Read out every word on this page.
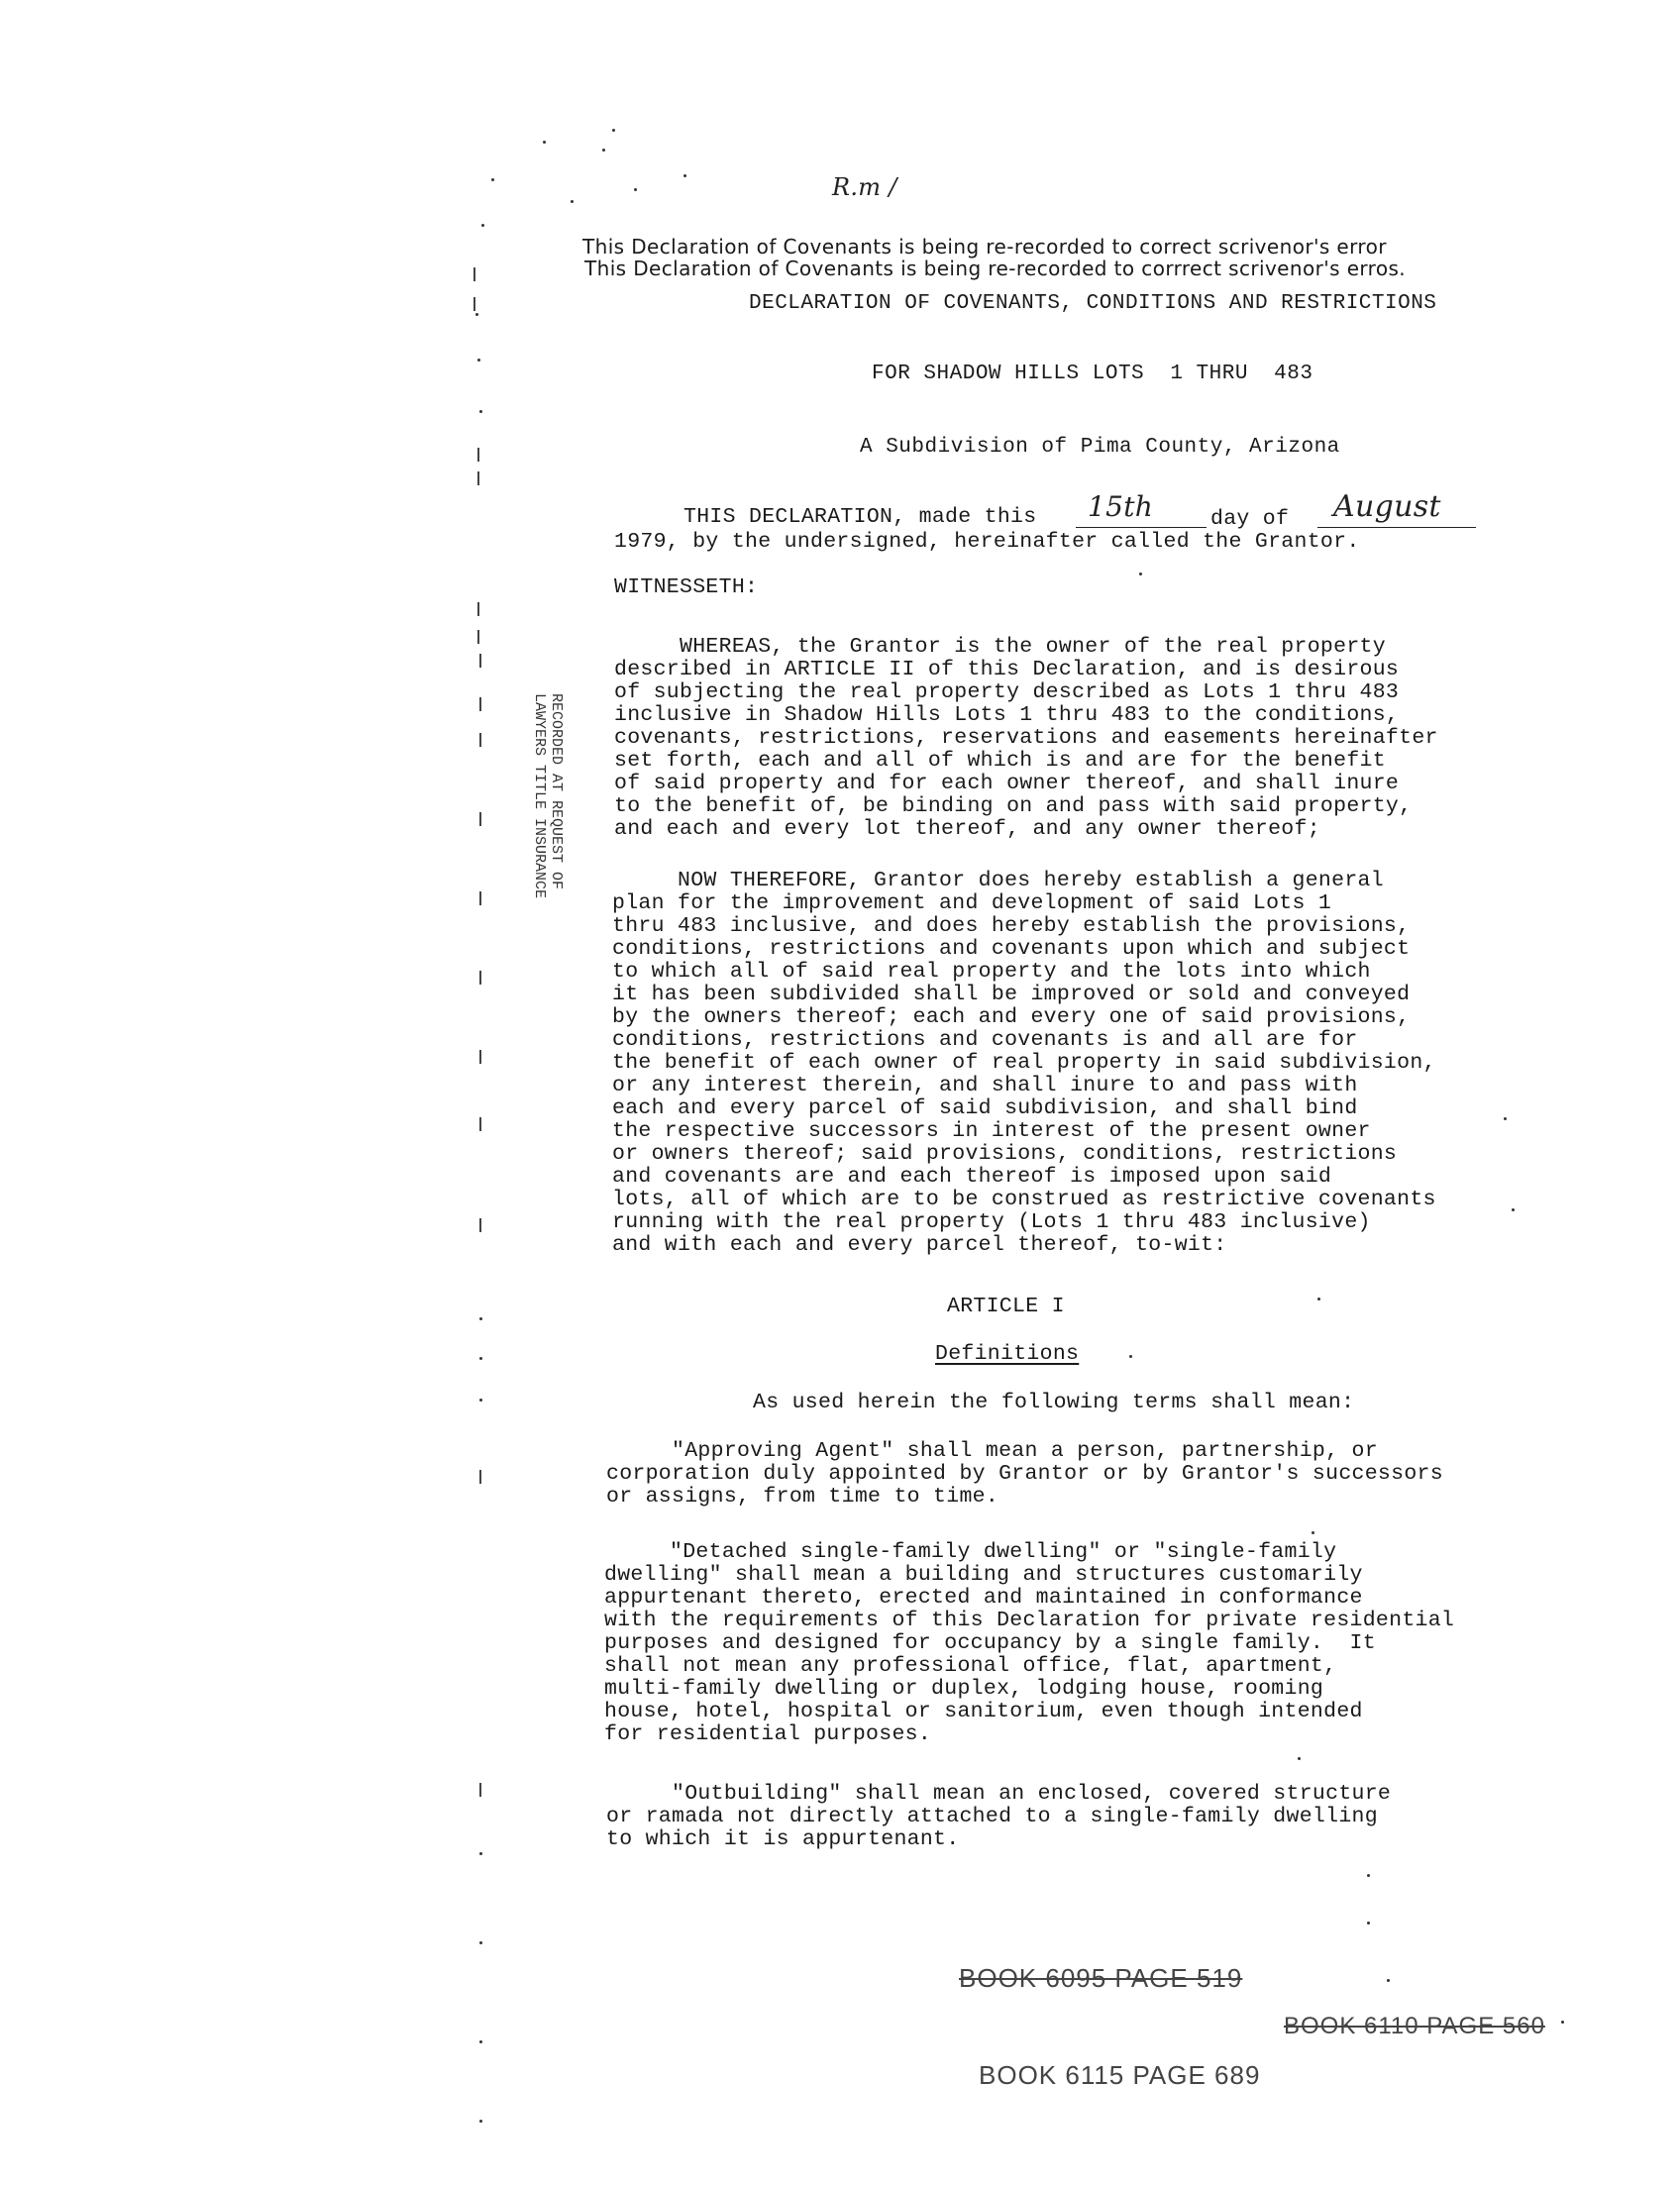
R.m /
This Declaration of Covenants is being re-recorded to correct scrivenor's error
This Declaration of Covenants is being re-recorded to corrrect scrivenor's erros.
DECLARATION OF COVENANTS, CONDITIONS AND RESTRICTIONS
FOR SHADOW HILLS LOTS  1 THRU  483
A Subdivision of Pima County, Arizona
THIS DECLARATION, made this 15th	day of August
1979, by the undersigned, hereinafter called the Grantor.
WITNESSETH:
RECORDED AT REQUEST OF
LAWYERS TITLE INSURANCE
WHEREAS, the Grantor is the owner of the real property
described in ARTICLE II of this Declaration, and is desirous
of subjecting the real property described as Lots 1 thru 483
inclusive in Shadow Hills Lots 1 thru 483 to the conditions,
covenants, restrictions, reservations and easements hereinafter
set forth, each and all of which is and are for the benefit
of said property and for each owner thereof, and shall inure
to the benefit of, be binding on and pass with said property,
and each and every lot thereof, and any owner thereof;
NOW THEREFORE, Grantor does hereby establish a general
plan for the improvement and development of said Lots 1
thru 483 inclusive, and does hereby establish the provisions,
conditions, restrictions and covenants upon which and subject
to which all of said real property and the lots into which
it has been subdivided shall be improved or sold and conveyed
by the owners thereof; each and every one of said provisions,
conditions, restrictions and covenants is and all are for
the benefit of each owner of real property in said subdivision,
or any interest therein, and shall inure to and pass with
each and every parcel of said subdivision, and shall bind
the respective successors in interest of the present owner
or owners thereof; said provisions, conditions, restrictions
and covenants are and each thereof is imposed upon said
lots, all of which are to be construed as restrictive covenants
running with the real property (Lots 1 thru 483 inclusive)
and with each and every parcel thereof, to-wit:
ARTICLE I
Definitions
As used herein the following terms shall mean:
"Approving Agent" shall mean a person, partnership, or
corporation duly appointed by Grantor or by Grantor's successors
or assigns, from time to time.
"Detached single-family dwelling" or "single-family
dwelling" shall mean a building and structures customarily
appurtenant thereto, erected and maintained in conformance
with the requirements of this Declaration for private residential
purposes and designed for occupancy by a single family.  It
shall not mean any professional office, flat, apartment,
multi-family dwelling or duplex, lodging house, rooming
house, hotel, hospital or sanitorium, even though intended
for residential purposes.
"Outbuilding" shall mean an enclosed, covered structure
or ramada not directly attached to a single-family dwelling
to which it is appurtenant.
BOOK 6095 PAGE 519
BOOK 6110 PAGE 560
BOOK 6115 PAGE 689
